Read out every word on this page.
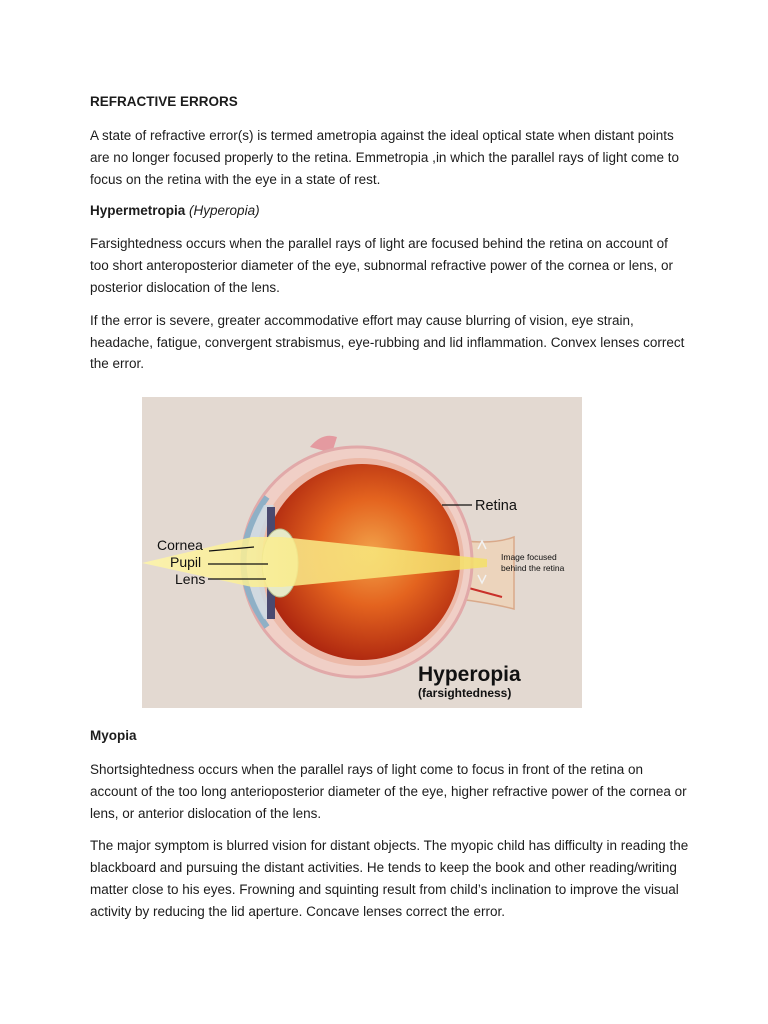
REFRACTIVE ERRORS

A state of refractive error(s) is termed ametropia against the ideal optical state when distant points are no longer focused properly to the retina. Emmetropia ,in which the parallel rays of light come to focus on the retina with the eye in a state of rest.

Hypermetropia (Hyperopia)

Farsightedness occurs when the parallel rays of light are focused behind the retina on account of too short anteroposterior diameter of the eye, subnormal refractive power of the cornea or lens, or posterior dislocation of the lens.

If the error is severe, greater accommodative effort may cause blurring of vision, eye strain, headache, fatigue, convergent strabismus, eye-rubbing and lid inflammation. Convex lenses correct the error.

Retina
Cornea
Pupil
Lens
Image focused
behind the retina
Hyperopia
(farsightedness)
Myopia

Shortsightedness occurs when the parallel rays of light come to focus in front of the retina on account of the too long anterioposterior diameter of the eye, higher refractive power of the cornea or lens, or anterior dislocation of the lens.

The major symptom is blurred vision for distant objects. The myopic child has difficulty in reading the blackboard and pursuing the distant activities. He tends to keep the book and other reading/writing matter close to his eyes. Frowning and squinting result from child’s inclination to improve the visual activity by reducing the lid aperture. Concave lenses correct the error.
